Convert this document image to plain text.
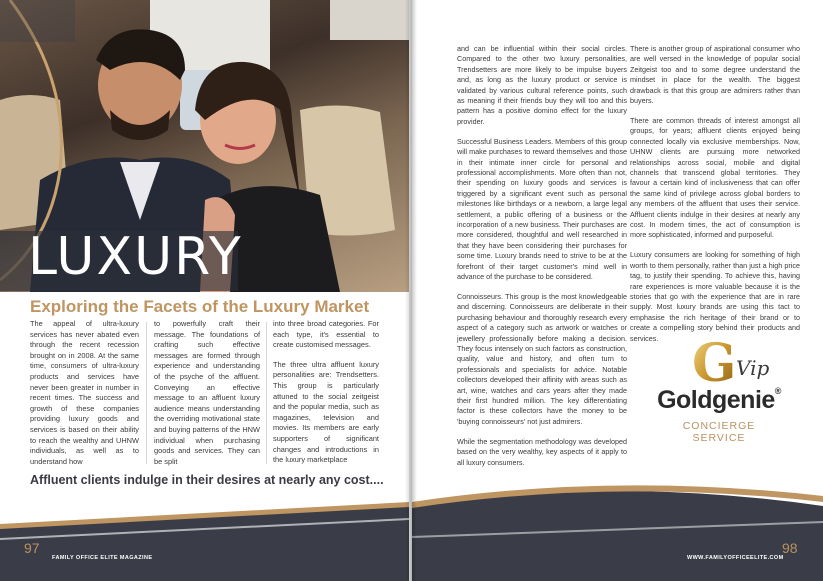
LUXURY
Exploring the Facets of the Luxury Market

The appeal of ultra-luxury services has never abated even through the recent recession brought on in 2008. At the same time, consumers of ultra-luxury products and services have never been greater in number in recent times. The success and growth of these companies providing luxury goods and services is based on their ability to reach the wealthy and UHNW individuals, as well as to understand how

to powerfully craft their message. The foundations of crafting such effective messages are formed through experience and understanding of the psyche of the affluent. Conveying an effective message to an affluent luxury audience means understanding the overriding motivational state and buying patterns of the HNW individual when purchasing goods and services. They can be split

into three broad categories. For each type, it's essential to create customised messages.

The three ultra affluent luxury personalities are: Trendsetters. This group is particularly attuned to the social zeitgeist and the popular media, such as magazines, television and movies. Its members are early supporters of significant changes and introductions in the luxury marketplace

Affluent clients indulge in their desires at nearly any cost....
97
FAMILY OFFICE ELITE MAGAZINE

and can be influential within their social circles. Compared to the other two luxury personalities, Trendsetters are more likely to be impulse buyers and, as long as the luxury product or service is validated by various cultural reference points, such as meaning if their friends buy they will too and this pattern has a positive domino effect for the luxury provider.

Successful Business Leaders. Members of this group will make purchases to reward themselves and those in their intimate inner circle for personal and professional accomplishments. More often than not, their spending on luxury goods and services is triggered by a significant event such as personal milestones like birthdays or a newborn, a large legal settlement, a public offering of a business or the incorporation of a new business. Their purchases are more considered, thoughtful and well researched in that they have been considering their purchases for some time. Luxury brands need to strive to be at the forefront of their target customer's mind well in advance of the purchase to be considered.

Connoisseurs. This group is the most knowledgeable and discerning. Connoisseurs are deliberate in their purchasing behaviour and thoroughly research every aspect of a category such as artwork or watches or jewellery professionally before making a decision. They focus intensely on such factors as construction, quality, value and history, and often turn to professionals and specialists for advice. Notable collectors developed their affinity with areas such as art, wine, watches and cars years after they made their first hundred million. The key differentiating factor is these collectors have the money to be 'buying connoisseurs' not just admirers.

While the segmentation methodology was developed based on the very wealthy, key aspects of it apply to all luxury consumers.

There is another group of aspirational consumer who are well versed in the knowledge of popular social Zeitgeist too and to some degree understand the mindset in place for the wealth. The biggest drawback is that this group are admirers rather than buyers.

There are common threads of interest amongst all groups, for years; affluent clients enjoyed being connected locally via exclusive memberships. Now, UHNW clients are pursuing more networked relationships across social, mobile and digital channels that transcend global territories. They favour a certain kind of inclusiveness that can offer the same kind of privilege across global borders to any members of the affluent that uses their service. Affluent clients indulge in their desires at nearly any cost. In modern times, the act of consumption is more sophisticated, informed and purposeful.

Luxury consumers are looking for something of high worth to them personally, rather than just a high price tag, to justify their spending. To achieve this, having rare experiences is more valuable because it is the stories that go with the experience that are in rare supply. Most luxury brands are using this tact to emphasise the rich heritage of their brand or to create a compelling story behind their products and services. G Vip
Goldgenie®
CONCIERGE
SERVICE
WWW.FAMILYOFFICEELITE.COM
98
